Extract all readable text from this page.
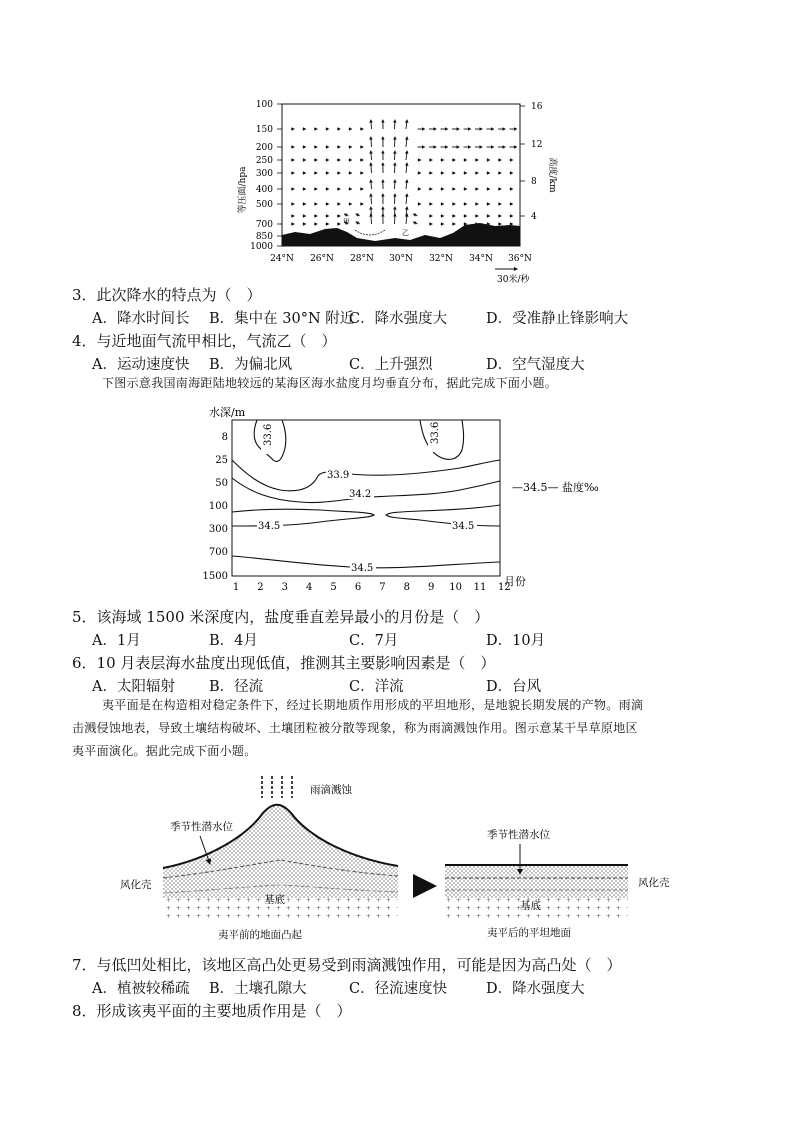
等压面/hpa	高度/km
100
150
200
250
300
400
500
700
850
1000
16
12
8
4
甲
乙
24°N 26°N 28°N 30°N 32°N 34°N 36°N
30米/秒
3．此次降水的特点为（　）
A．降水时间长 B．集中在 30°N 附近
C．降水强度大	D．受准静止锋影响大
4．与近地面气流甲相比，气流乙（　）
A．运动速度快 B．为偏北风	C．上升强烈	D．空气湿度大
下图示意我国南海距陆地较远的某海区海水盐度月均垂直分布，据此完成下面小题。
水深/m
8
25
50
100
300
700
1500
1 2 3 4 5 6 7 8 9 10 11 12
月份
33.6	33.6
33.9
34.2
34.5	34.5
34.5
—34.5— 盐度‰
5．该海域 1500 米深度内，盐度垂直差异最小的月份是（　）
A．1月	B．4月	C．7月	D．10月
6．10 月表层海水盐度出现低值，推测其主要影响因素是（　）
A．太阳辐射 B．径流	C．洋流	D．台风
夷平面是在构造相对稳定条件下，经过长期地质作用形成的平坦地形，是地貌长期发展的产物。雨滴
击溅侵蚀地表，导致土壤结构破坏、土壤团粒被分散等现象，称为雨滴溅蚀作用。图示意某干旱草原地区
夷平面演化。据此完成下面小题。
雨滴溅蚀
季节性潜水位
风化壳
基底
夷平前的地面凸起
季节性潜水位
风化壳
基底
夷平后的平坦地面
7．与低凹处相比，该地区高凸处更易受到雨滴溅蚀作用，可能是因为高凸处（　）
A．植被较稀疏 B．土壤孔隙大	C．径流速度快	D．降水强度大
8．形成该夷平面的主要地质作用是（　）
